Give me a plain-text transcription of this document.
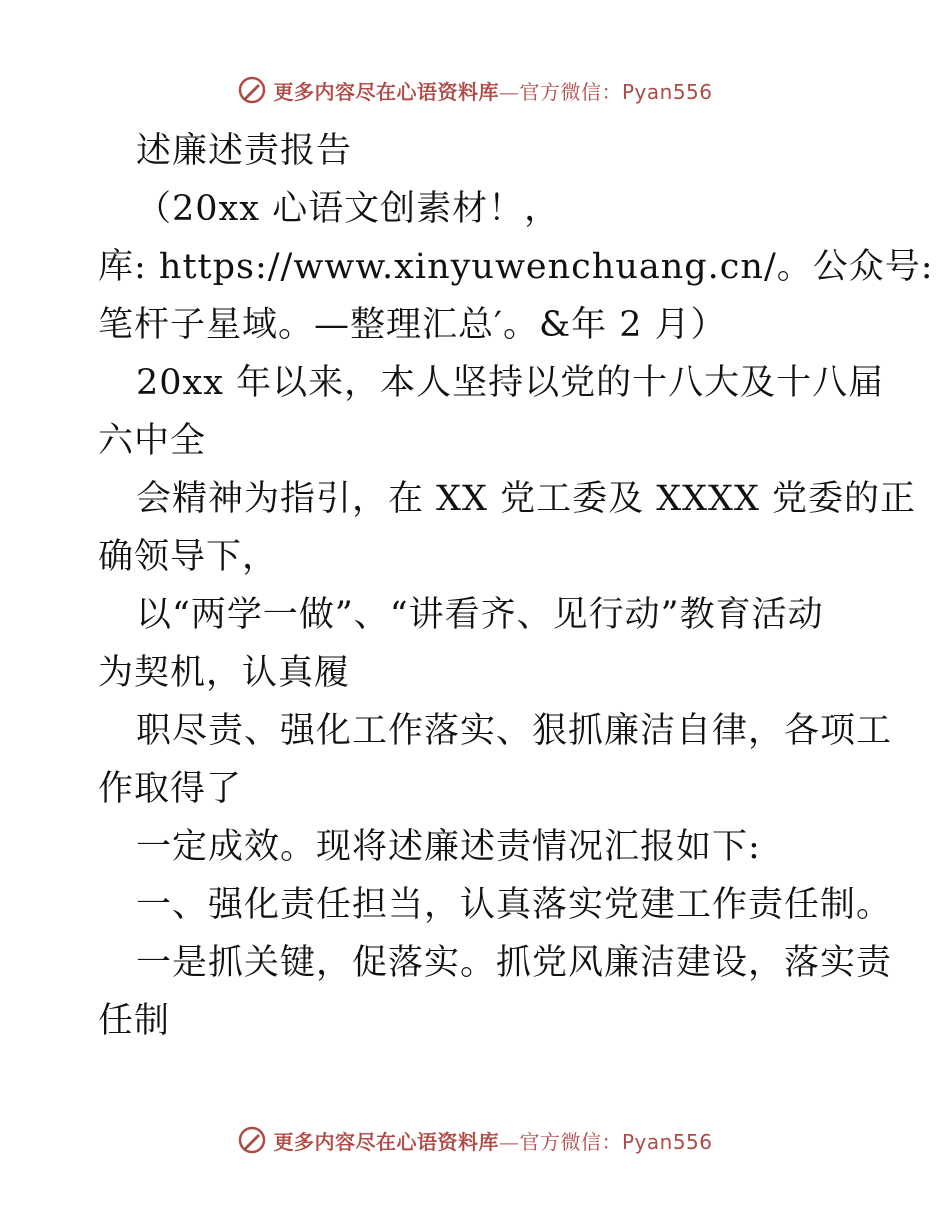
更多内容尽在心语资料库—官方微信：Pyan556
述廉述责报告
（20xx 心语文创素材！，
库: https://www.xinyuwenchuang.cn/。公众号:
笔杆子星域。—整理汇总′。&年 2 月）
20xx 年以来，本人坚持以党的十八大及十八届
六中全
会精神为指引，在 XX 党工委及 XXXX 党委的正
确领导下，
以“两学一做”、“讲看齐、见行动”教育活动
为契机，认真履
职尽责、强化工作落实、狠抓廉洁自律，各项工
作取得了
一定成效。现将述廉述责情况汇报如下:
一、强化责任担当，认真落实党建工作责任制。
一是抓关键，促落实。抓党风廉洁建设，落实责
任制
更多内容尽在心语资料库—官方微信：Pyan556
